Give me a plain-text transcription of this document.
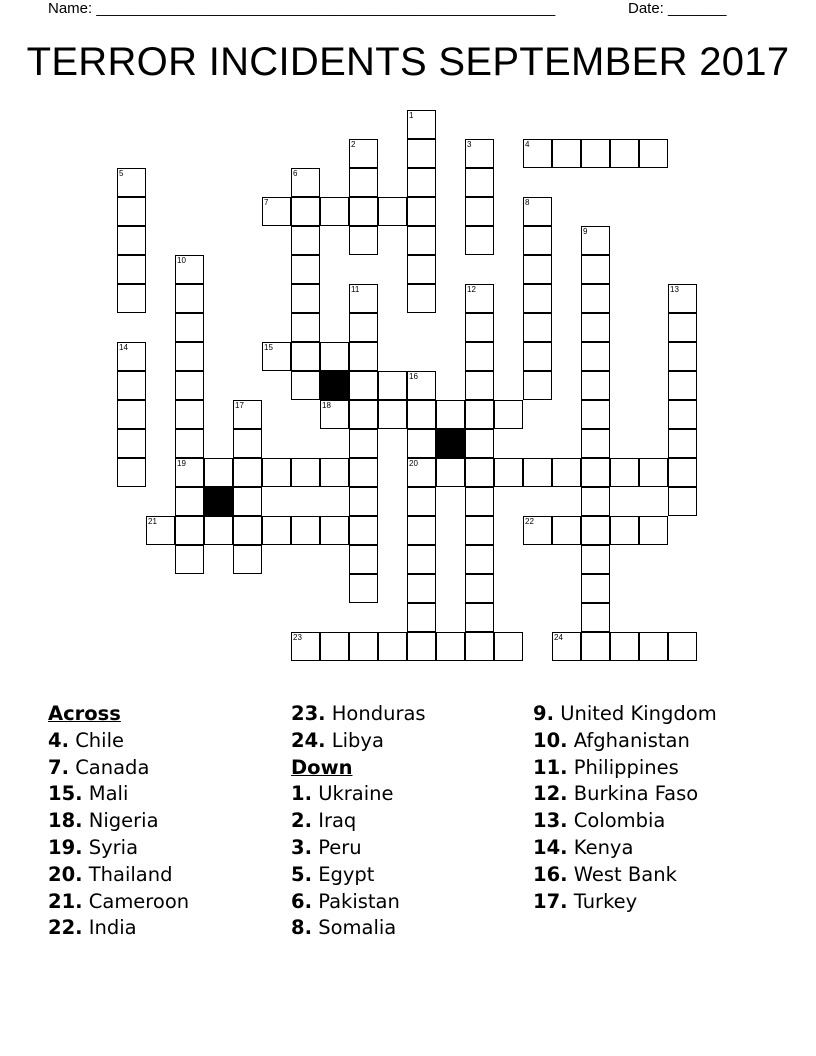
Name: _______________________________________________________	Date: _______
TERROR INCIDENTS SEPTEMBER 2017
1
2	3	4
5	6
7	8
9
10
11	12	13
14	15
16
17	18
19	20
21	22
23	24
Across
4. Chile
7. Canada
15. Mali
18. Nigeria
19. Syria
20. Thailand
21. Cameroon
22. India
23. Honduras
24. Libya
Down
1. Ukraine
2. Iraq
3. Peru
5. Egypt
6. Pakistan
8. Somalia
9. United Kingdom
10. Afghanistan
11. Philippines
12. Burkina Faso
13. Colombia
14. Kenya
16. West Bank
17. Turkey
